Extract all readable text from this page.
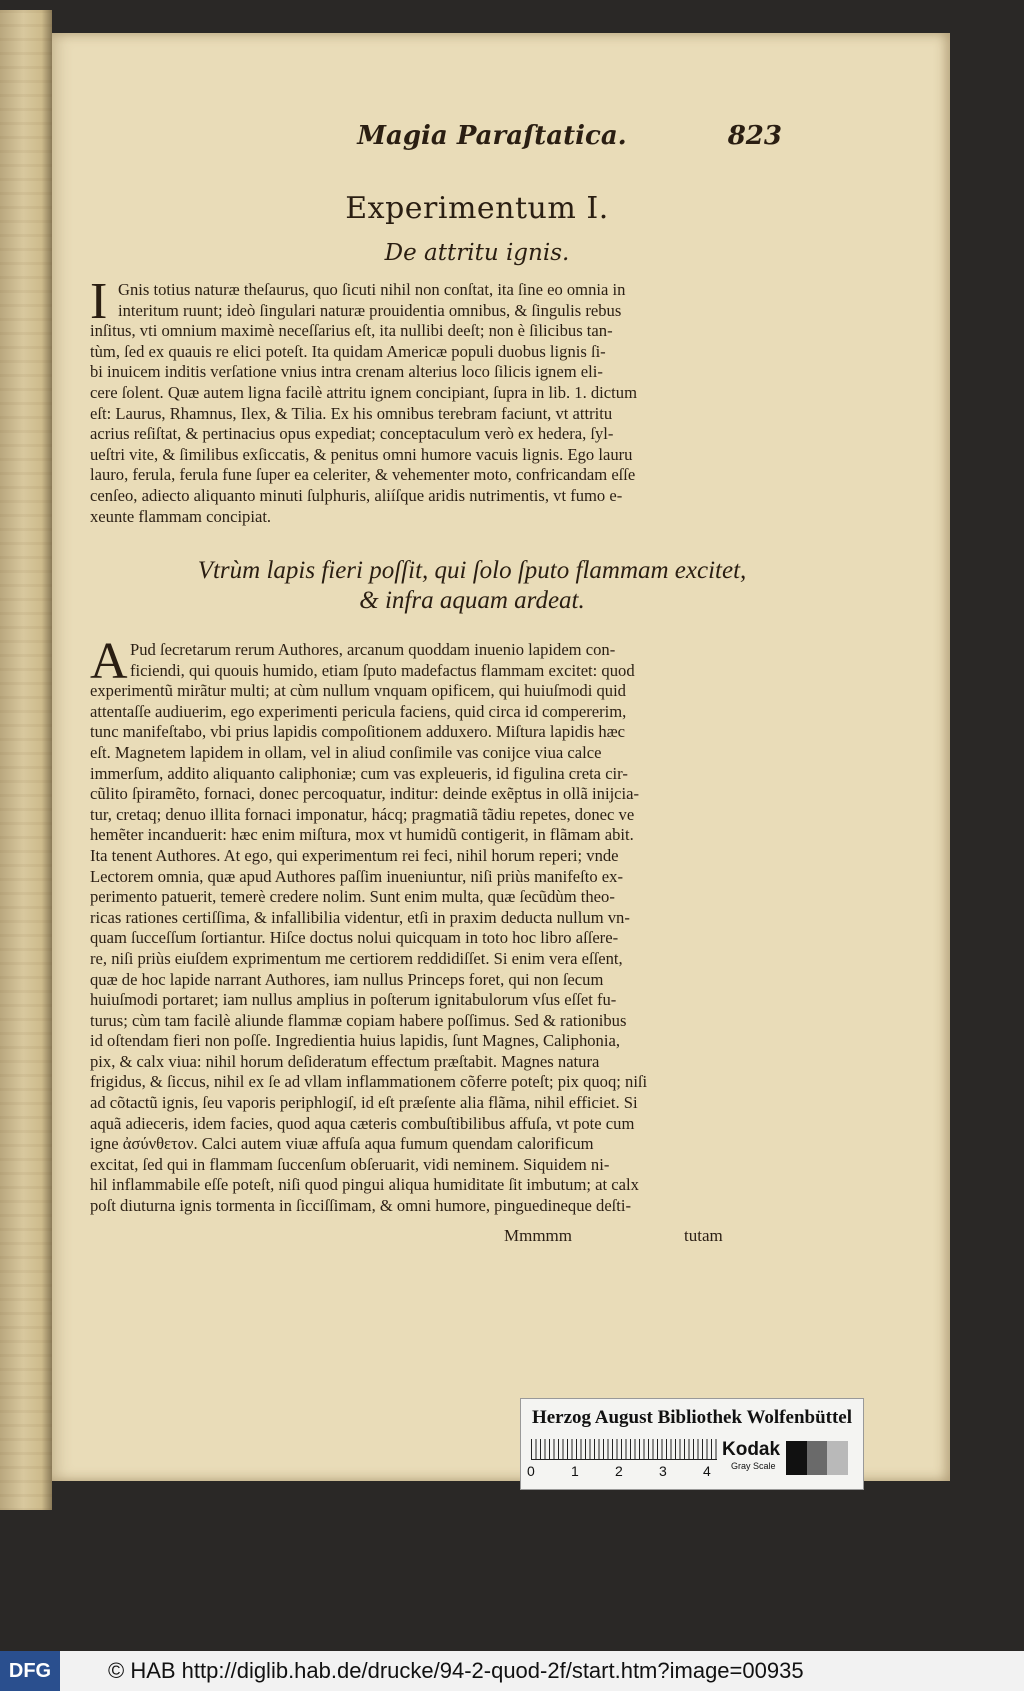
Magia Paraſtatica.	823
Experimentum I.
De attritu ignis.
I Gnis totius naturæ theſaurus, quo ſicuti nihil non conſtat, ita ſine eo omnia in
interitum ruunt; ideò ſingulari naturæ prouidentia omnibus, & ſingulis rebus
inſitus, vti omnium maximè neceſſarius eſt, ita nullibi deeſt; non è ſilicibus tan-
tùm, ſed ex quauis re elici poteſt. Ita quidam Americæ populi duobus lignis ſi-
bi inuicem inditis verſatione vnius intra crenam alterius loco ſilicis ignem eli-
cere ſolent. Quæ autem ligna facilè attritu ignem concipiant, ſupra in lib. 1. dictum
eſt: Laurus, Rhamnus, Ilex, & Tilia. Ex his omnibus terebram faciunt, vt attritu
acrius reſiſtat, & pertinacius opus expediat; conceptaculum verò ex hedera, ſyl-
ueſtri vite, & ſimilibus exſiccatis, & penitus omni humore vacuis lignis. Ego lauru
lauro, ferula, ferula fune ſuper ea celeriter, & vehementer moto, confricandam eſſe
cenſeo, adiecto aliquanto minuti ſulphuris, aliíſque aridis nutrimentis, vt fumo e-
xeunte flammam concipiat.
Vtrùm lapis fieri poſſit, qui ſolo ſputo flammam excitet,
& infra aquam ardeat.
A Pud ſecretarum rerum Authores, arcanum quoddam inuenio lapidem con-
ficiendi, qui quouis humido, etiam ſputo madefactus flammam excitet: quod
experimentũ mirãtur multi; at cùm nullum vnquam opificem, qui huiuſmodi quid
attentaſſe audiuerim, ego experimenti pericula faciens, quid circa id compererim,
tunc manifeſtabo, vbi prius lapidis compoſitionem adduxero. Miſtura lapidis hæc
eſt. Magnetem lapidem in ollam, vel in aliud conſimile vas conijce viua calce
immerſum, addito aliquanto caliphoniæ; cum vas expleueris, id figulina creta cir-
cũlito ſpiramẽto, fornaci, donec percoquatur, inditur: deinde exẽptus in ollã inijcia-
tur, cretaq; denuo illita fornaci imponatur, hácq; pragmatiã tãdiu repetes, donec ve
hemẽter incanduerit: hæc enim miſtura, mox vt humidũ contigerit, in flãmam abit.
Ita tenent Authores. At ego, qui experimentum rei feci, nihil horum reperi; vnde
Lectorem omnia, quæ apud Authores paſſim inueniuntur, niſi priùs manifeſto ex-
perimento patuerit, temerè credere nolim. Sunt enim multa, quæ ſecũdùm theo-
ricas rationes certiſſima, & infallibilia videntur, etſi in praxim deducta nullum vn-
quam ſucceſſum ſortiantur. Hiſce doctus nolui quicquam in toto hoc libro aſſere-
re, niſi priùs eiuſdem exprimentum me certiorem reddidiſſet. Si enim vera eſſent,
quæ de hoc lapide narrant Authores, iam nullus Princeps foret, qui non ſecum
huiuſmodi portaret; iam nullus amplius in poſterum ignitabulorum vſus eſſet fu-
turus; cùm tam facilè aliunde flammæ copiam habere poſſimus. Sed & rationibus
id oſtendam fieri non poſſe. Ingredientia huius lapidis, ſunt Magnes, Caliphonia,
pix, & calx viua: nihil horum deſideratum effectum præſtabit. Magnes natura
frigidus, & ſiccus, nihil ex ſe ad vllam inflammationem cõferre poteſt; pix quoq; niſi
ad cõtactũ ignis, ſeu vaporis periphlogiſ, id eſt præſente alia flãma, nihil efficiet. Si
aquã adieceris, idem facies, quod aqua cæteris combuſtibilibus affuſa, vt pote cum
igne ἀσύνθετον. Calci autem viuæ affuſa aqua fumum quendam calorificum
excitat, ſed qui in flammam ſuccenſum obſeruarit, vidi neminem. Siquidem ni-
hil inflammabile eſſe poteſt, niſi quod pingui aliqua humiditate ſit imbutum; at calx
poſt diuturna ignis tormenta in ſicciſſimam, & omni humore, pinguedineque deſti-
Mmmmm	tutam
Herzog August Bibliothek Wolfenbüttel
0	1	2	3	4
Kodak
Gray Scale
DFG	© HAB http://diglib.hab.de/drucke/94-2-quod-2f/start.htm?image=00935
